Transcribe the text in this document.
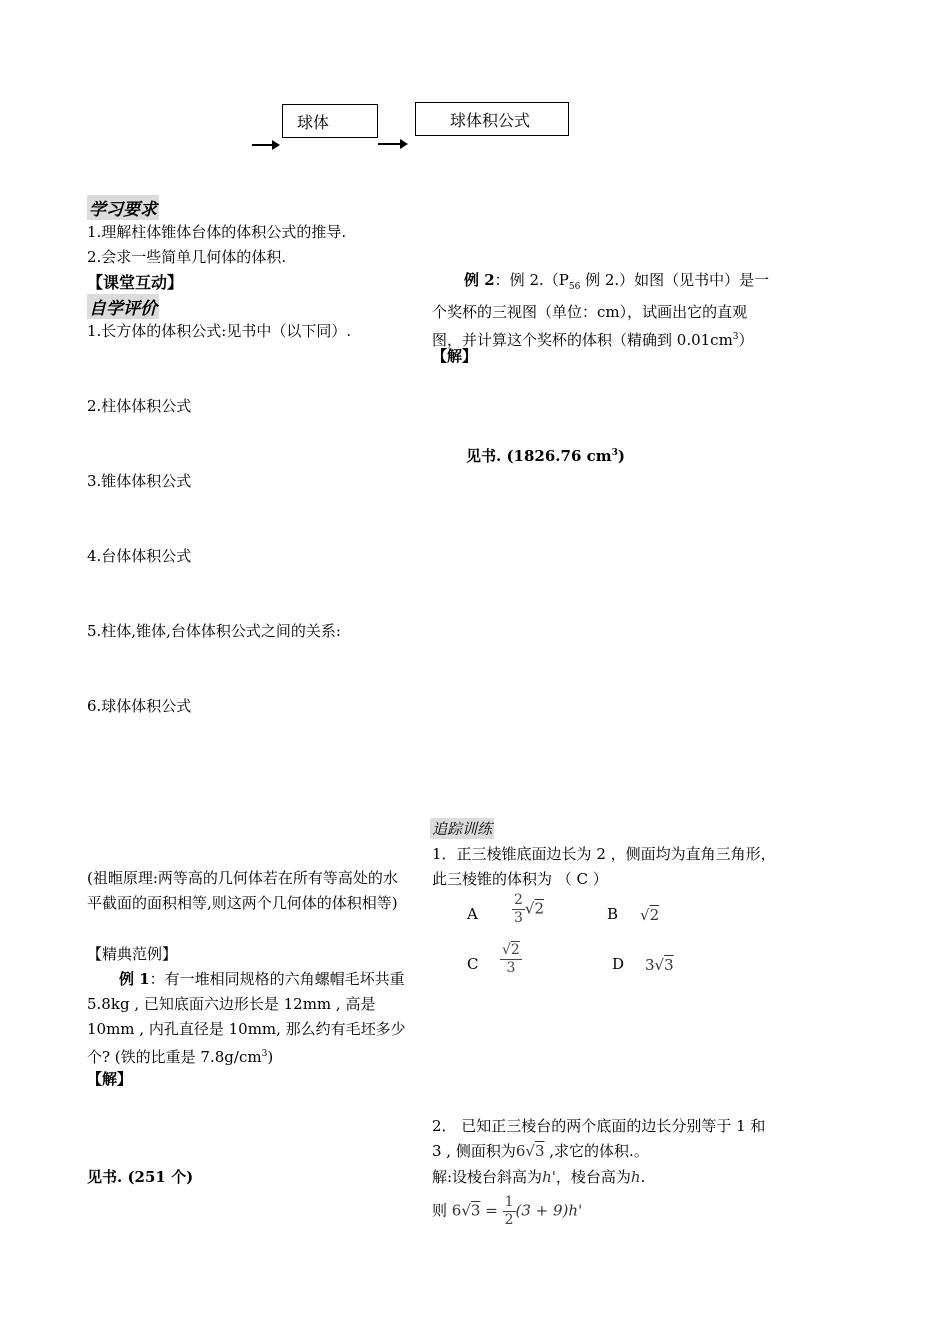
球体	球体积公式
学习要求
1.理解柱体锥体台体的体积公式的推导.
2.会求一些简单几何体的体积.
【课堂互动】
自学评价
1.长方体的体积公式:见书中（以下同）.
2.柱体体积公式
3.锥体体积公式
4.台体体积公式
5.柱体,锥体,台体体积公式之间的关系:
6.球体体积公式
(祖暅原理:两等高的几何体若在所有等高处的水平截面的面积相等,则这两个几何体的体积相等)
【精典范例】
例 1：有一堆相同规格的六角螺帽毛坏共重 5.8kg , 已知底面六边形长是 12mm , 高是 10mm , 内孔直径是 10mm, 那么约有毛坯多少个? (铁的比重是 $7.8g/cm^3$)
【解】
见书. (251 个)
例 2：例 $2.(P_{56}$ 例 2.）如图（见书中）是一个奖杯的三视图（单位：cm），试画出它的直观图，并计算这个奖杯的体积（精确到 $0.01cm^3$）
【解】
见书. (1826.76 $cm^3$)
追踪训练
1．正三棱锥底面边长为 2 ，侧面均为直角三角形，此三棱锥的体积为 （ C ）
A $\frac{2}{3} √2$	B √2
C $\frac{√2}{3}$	D 3√3
2． 已知正三棱台的两个底面的边长分别等于 1 和 3 , 侧面积为6√3 ,求它的体积.。
解:设棱台斜高为h'，棱台高为h.
则 $6√3 = \frac{1}{2} (3 + 9)h'$
